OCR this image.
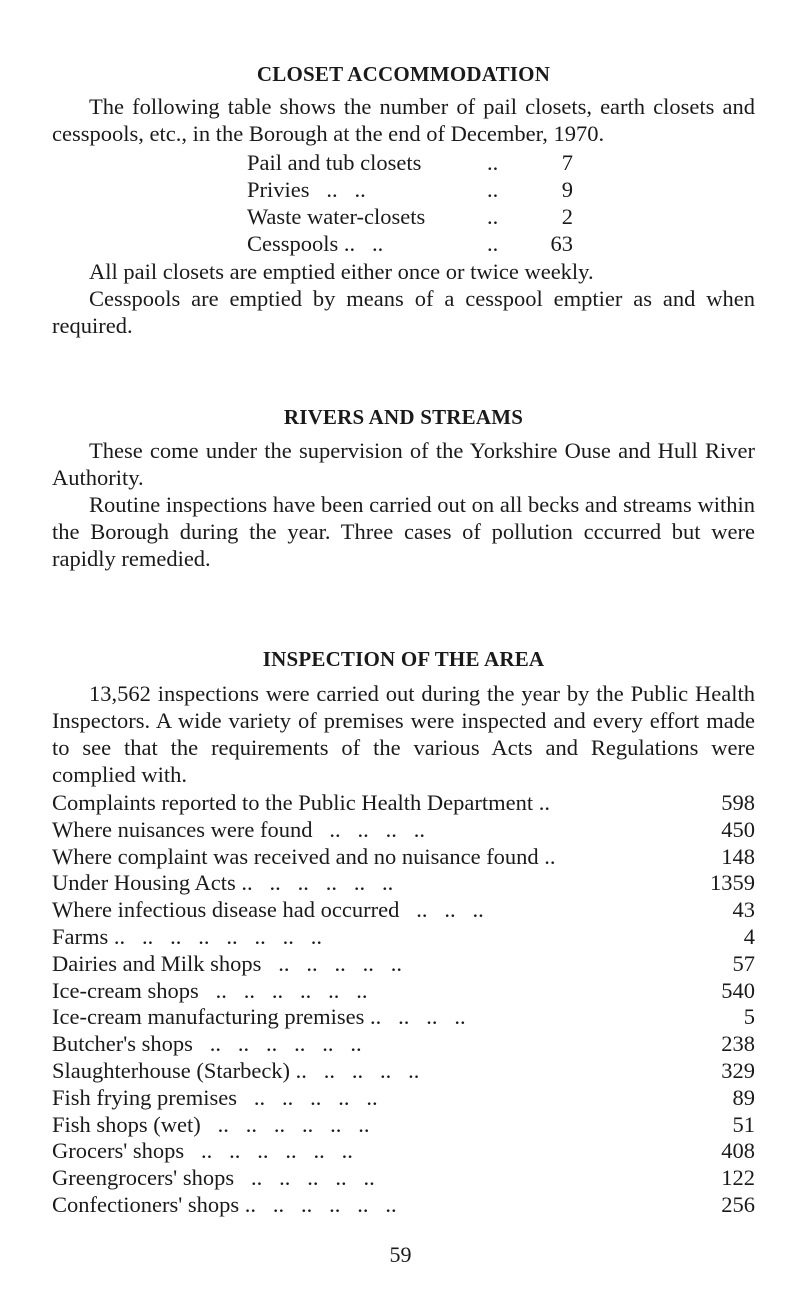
CLOSET ACCOMMODATION

The following table shows the number of pail closets, earth closets and cesspools, etc., in the Borough at the end of December, 1970.

Pail and tub closets	..	7
Privies   ..   ..	..	9
Waste water-closets	..	2
Cesspools ..   ..	..	63

All pail closets are emptied either once or twice weekly.

Cesspools are emptied by means of a cesspool emptier as and when required.

RIVERS AND STREAMS

These come under the supervision of the Yorkshire Ouse and Hull River Authority.

Routine inspections have been carried out on all becks and streams within the Borough during the year. Three cases of pollution cccurred but were rapidly remedied.

INSPECTION OF THE AREA

13,562 inspections were carried out during the year by the Public Health Inspectors. A wide variety of premises were inspected and every effort made to see that the requirements of the various Acts and Regulations were complied with.

Complaints reported to the Public Health Department ..	598
Where nuisances were found   ..   ..   ..   ..	450
Where complaint was received and no nuisance found ..	148
Under Housing Acts ..   ..   ..   ..   ..   ..	1359
Where infectious disease had occurred   ..   ..   ..	43
Farms ..   ..   ..   ..   ..   ..   ..   ..	4
Dairies and Milk shops   ..   ..   ..   ..   ..	57
Ice-cream shops   ..   ..   ..   ..   ..   ..	540
Ice-cream manufacturing premises ..   ..   ..   ..	5
Butcher's shops   ..   ..   ..   ..   ..   ..	238
Slaughterhouse (Starbeck) ..   ..   ..   ..   ..	329
Fish frying premises   ..   ..   ..   ..   ..	89
Fish shops (wet)   ..   ..   ..   ..   ..   ..	51
Grocers' shops   ..   ..   ..   ..   ..   ..	408
Greengrocers' shops   ..   ..   ..   ..   ..	122
Confectioners' shops ..   ..   ..   ..   ..   ..	256
59
